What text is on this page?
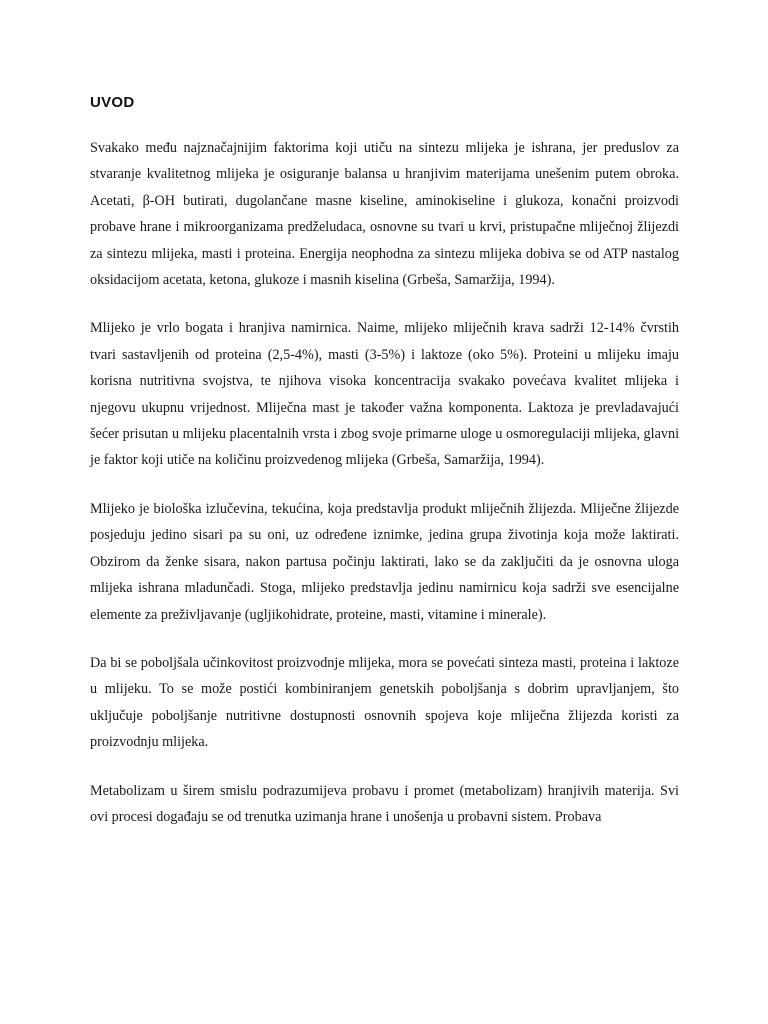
UVOD

Svakako među najznačajnijim faktorima koji utiču na sintezu mlijeka je ishrana, jer preduslov za stvaranje kvalitetnog mlijeka je osiguranje balansa u hranjivim materijama unešenim putem obroka. Acetati, β-OH butirati, dugolančane masne kiseline, aminokiseline i glukoza, konačni proizvodi probave hrane i mikroorganizama predželudaca, osnovne su tvari u krvi, pristupačne mliječnoj žlijezdi za sintezu mlijeka, masti i proteina. Energija neophodna za sintezu mlijeka dobiva se od ATP nastalog oksidacijom acetata, ketona, glukoze i masnih kiselina (Grbeša, Samaržija, 1994).

Mlijeko je vrlo bogata i hranjiva namirnica. Naime, mlijeko mliječnih krava sadrži 12-14% čvrstih tvari sastavljenih od proteina (2,5-4%), masti (3-5%) i laktoze (oko 5%). Proteini u mlijeku imaju korisna nutritivna svojstva, te njihova visoka koncentracija svakako povećava kvalitet mlijeka i njegovu ukupnu vrijednost. Mliječna mast je također važna komponenta. Laktoza je prevladavajući šećer prisutan u mlijeku placentalnih vrsta i zbog svoje primarne uloge u osmoregulaciji mlijeka, glavni je faktor koji utiče na količinu proizvedenog mlijeka (Grbeša, Samaržija, 1994).

Mlijeko je biološka izlučevina, tekućina, koja predstavlja produkt mliječnih žlijezda. Mliječne žlijezde posjeduju jedino sisari pa su oni, uz određene iznimke, jedina grupa životinja koja može laktirati. Obzirom da ženke sisara, nakon partusa počinju laktirati, lako se da zaključiti da je osnovna uloga mlijeka ishrana mladunčadi. Stoga, mlijeko predstavlja jedinu namirnicu koja sadrži sve esencijalne elemente za preživljavanje (ugljikohidrate, proteine, masti, vitamine i minerale).

Da bi se poboljšala učinkovitost proizvodnje mlijeka, mora se povećati sinteza masti, proteina i laktoze u mlijeku. To se može postići kombiniranjem genetskih poboljšanja s dobrim upravljanjem, što uključuje poboljšanje nutritivne dostupnosti osnovnih spojeva koje mliječna žlijezda koristi za proizvodnju mlijeka.

Metabolizam u širem smislu podrazumijeva probavu i promet (metabolizam) hranjivih materija. Svi ovi procesi događaju se od trenutka uzimanja hrane i unošenja u probavni sistem. Probava
